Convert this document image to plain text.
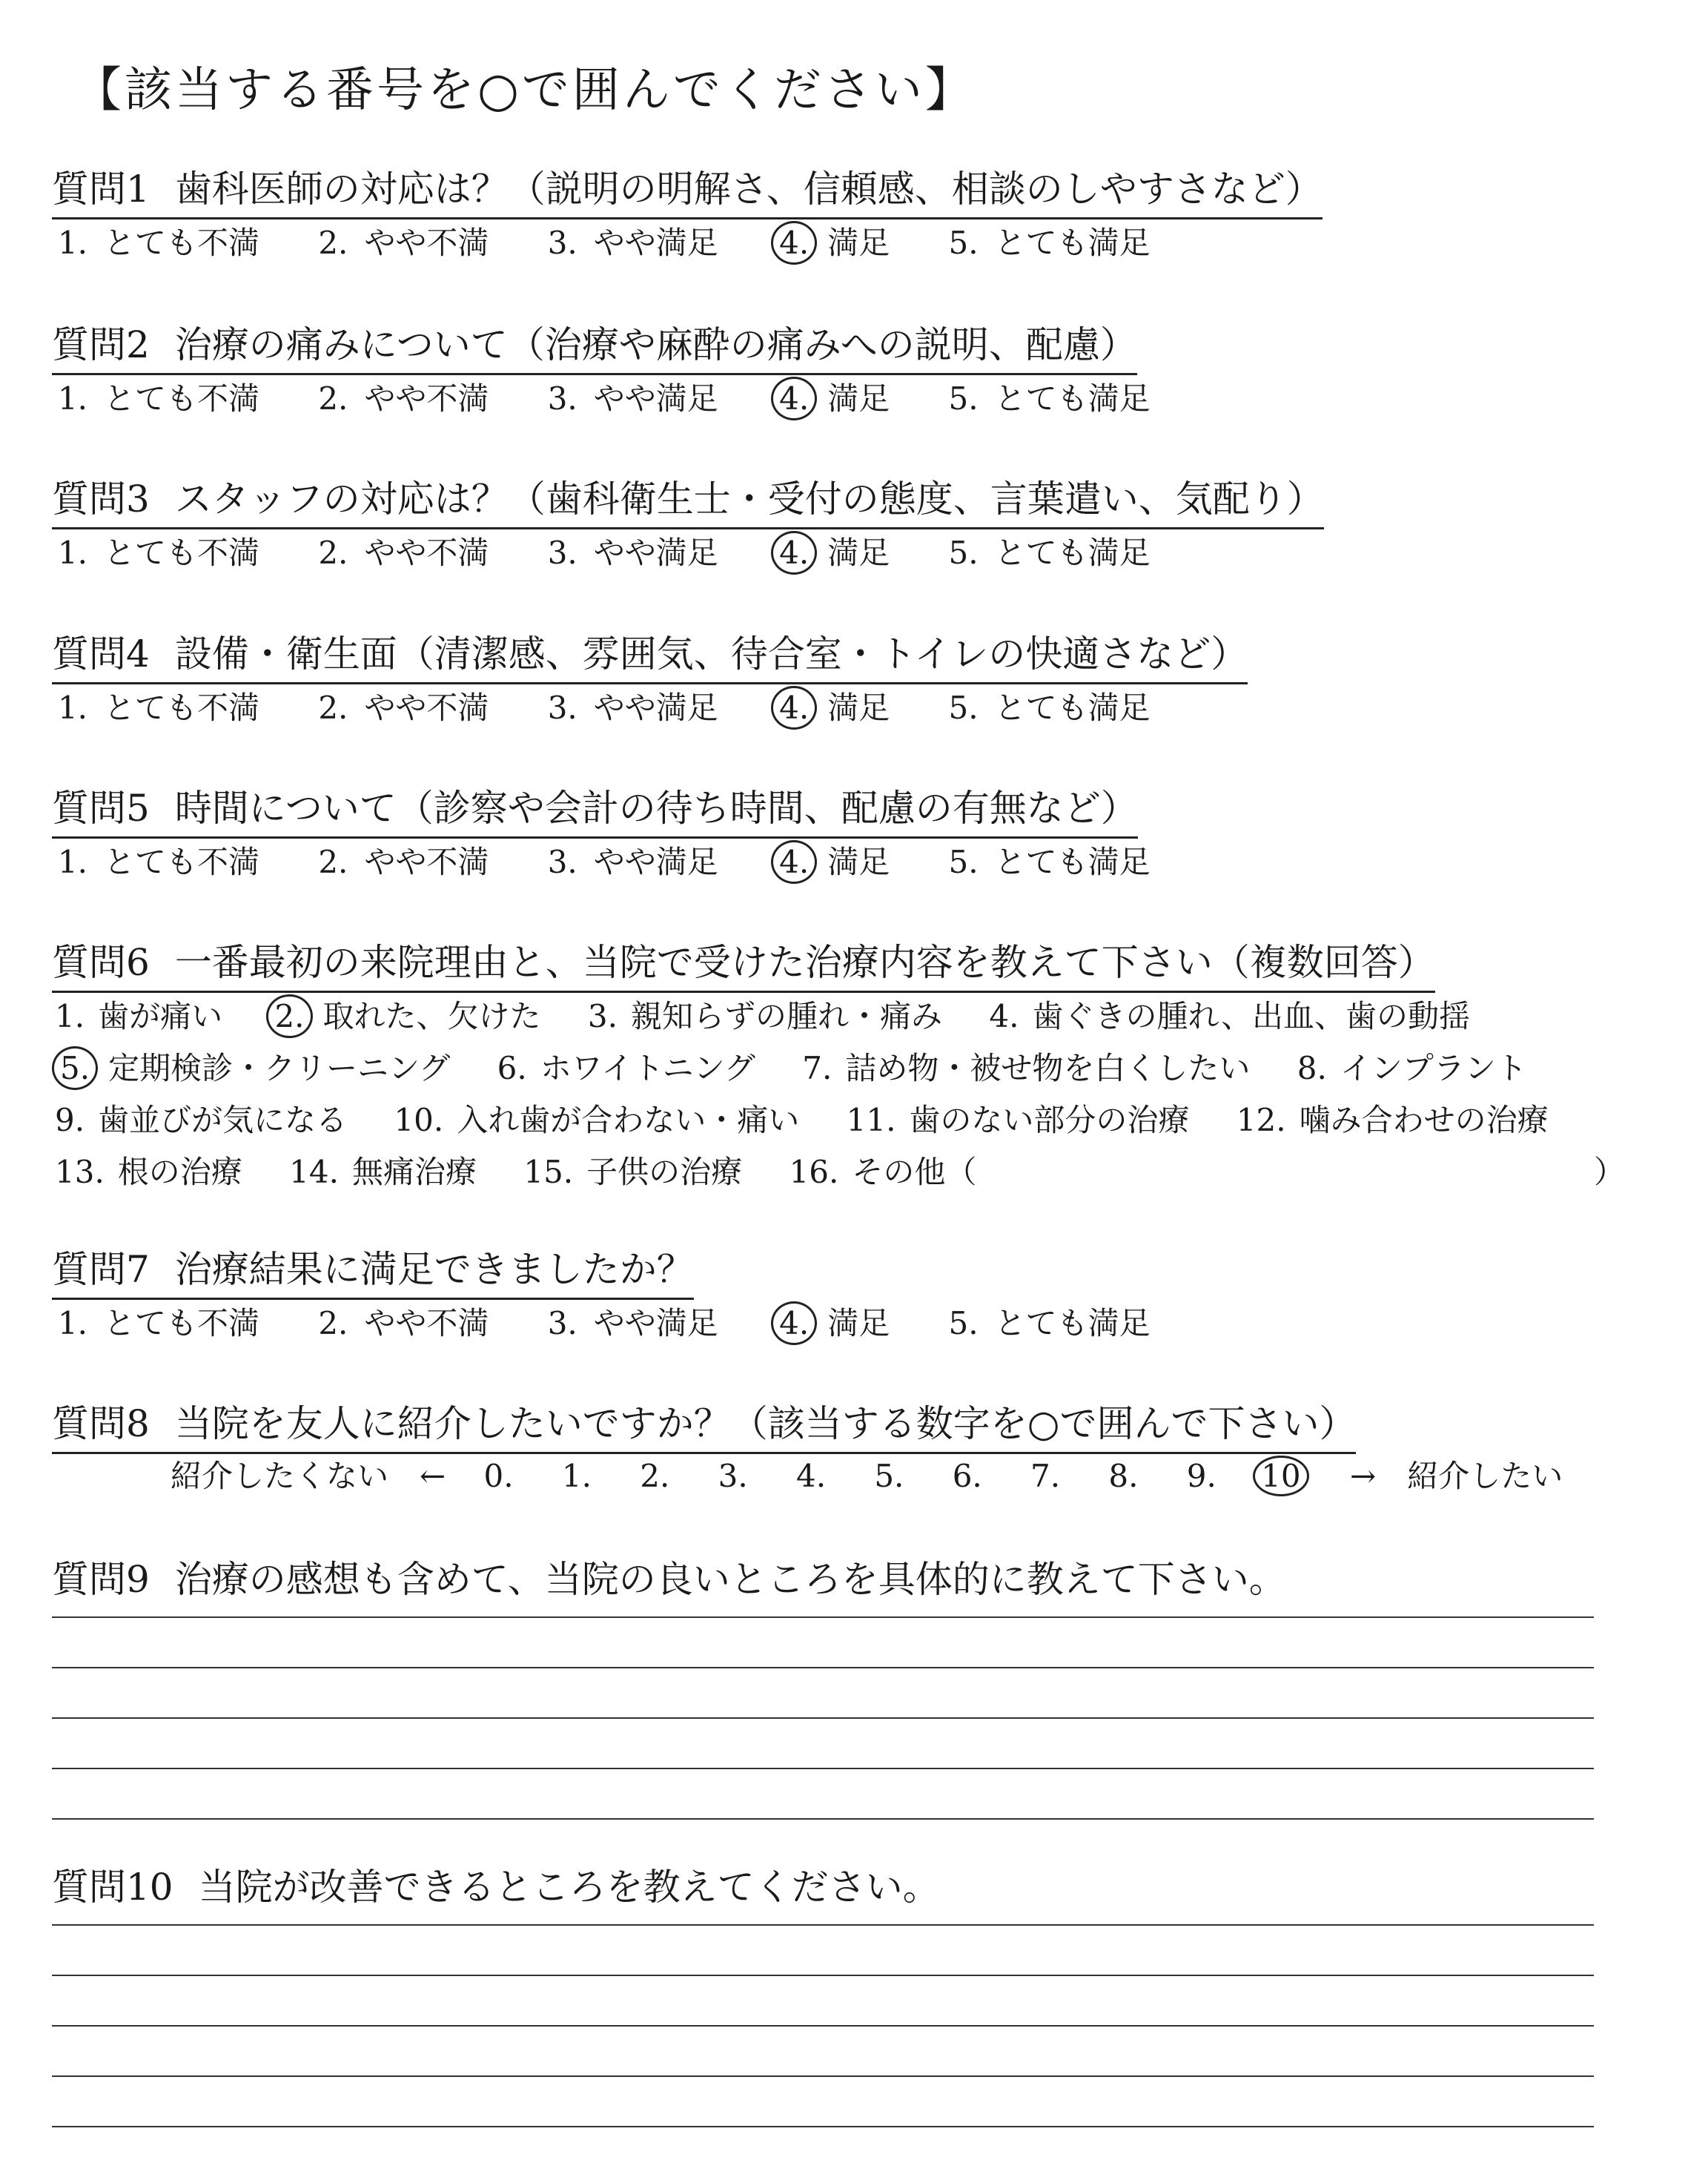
【該当する番号を○で囲んでください】
質問1 歯科医師の対応は？（説明の明解さ、信頼感、相談のしやすさなど）
1. とても不満 2. やや不満 3. やや満足 4. 満足 5. とても満足
質問2 治療の痛みについて（治療や麻酔の痛みへの説明、配慮）
1. とても不満 2. やや不満 3. やや満足 4. 満足 5. とても満足
質問3 スタッフの対応は？（歯科衛生士・受付の態度、言葉遣い、気配り）
1. とても不満 2. やや不満 3. やや満足 4. 満足 5. とても満足
質問4 設備・衛生面（清潔感、雰囲気、待合室・トイレの快適さなど）
1. とても不満 2. やや不満 3. やや満足 4. 満足 5. とても満足
質問5 時間について（診察や会計の待ち時間、配慮の有無など）
1. とても不満 2. やや不満 3. やや満足 4. 満足 5. とても満足
質問6 一番最初の来院理由と、当院で受けた治療内容を教えて下さい（複数回答）
1. 歯が痛い 2. 取れた、欠けた 3. 親知らずの腫れ・痛み 4. 歯ぐきの腫れ、出血、歯の動揺
5. 定期検診・クリーニング 6. ホワイトニング 7. 詰め物・被せ物を白くしたい 8. インプラント
9. 歯並びが気になる 10. 入れ歯が合わない・痛い 11. 歯のない部分の治療 12. 噛み合わせの治療
13. 根の治療 14. 無痛治療 15. 子供の治療 16. その他（	）
質問7 治療結果に満足できましたか？
1. とても不満 2. やや不満 3. やや満足 4. 満足 5. とても満足
質問8 当院を友人に紹介したいですか？（該当する数字を○で囲んで下さい）
紹介したくない ← 0. 1. 2. 3. 4. 5. 6. 7. 8. 9. 10 → 紹介したい
質問9 治療の感想も含めて、当院の良いところを具体的に教えて下さい。
質問10 当院が改善できるところを教えてください。
